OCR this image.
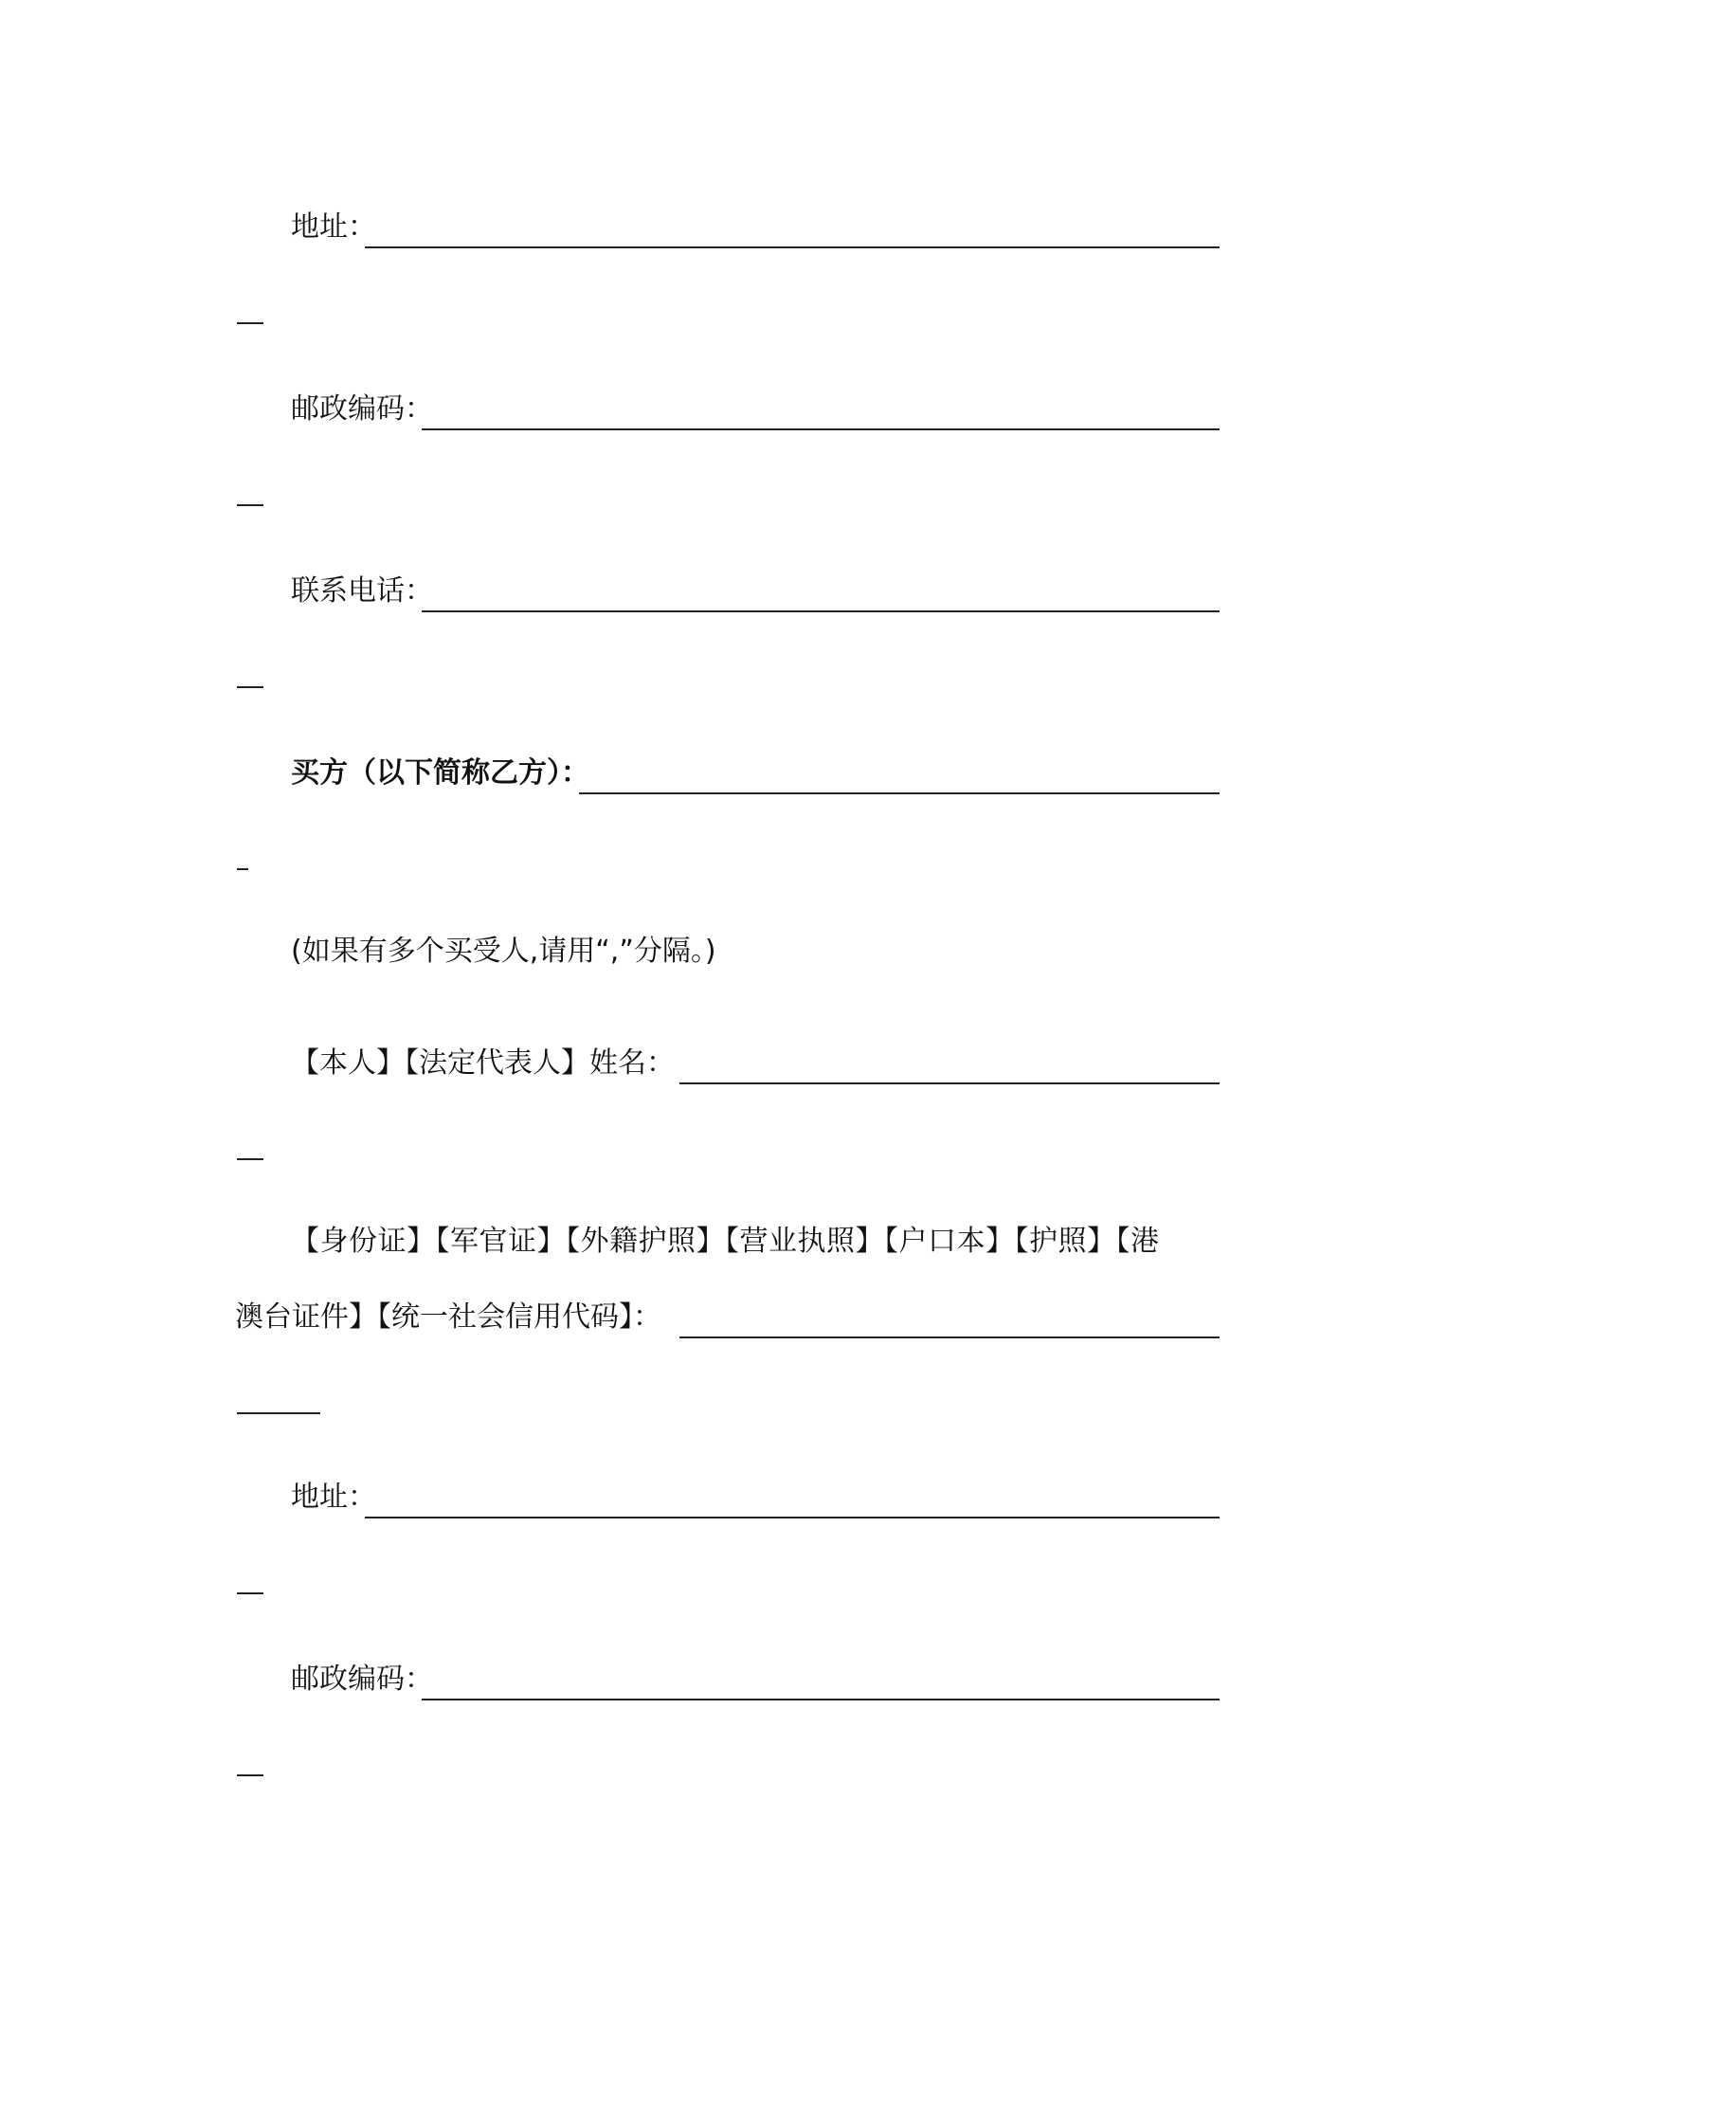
地址：
邮政编码：
联系电话：
买方（以下简称乙方）：
(如果有多个买受人,请用“,”分隔。)
【本人】【法定代表人】姓名：
【身份证】【军官证】【外籍护照】【营业执照】【户口本】【护照】【港
澳台证件】【统一社会信用代码】：
地址：
邮政编码：
